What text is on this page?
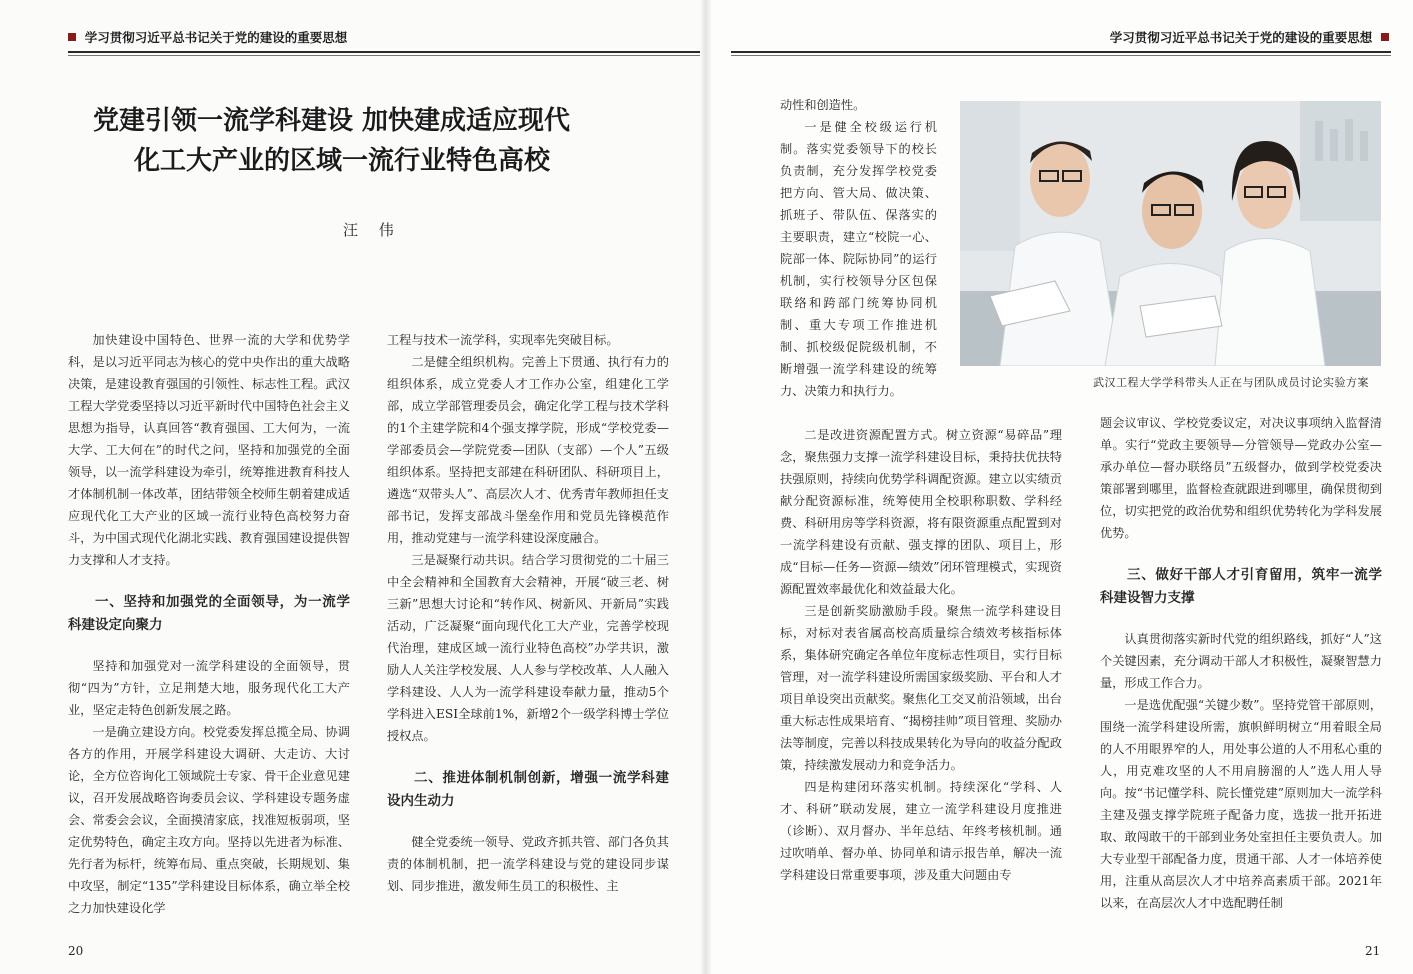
学习贯彻习近平总书记关于党的建设的重要思想
党建引领一流学科建设 加快建成适应现代
化工大产业的区域一流行业特色高校
汪 伟

加快建设中国特色、世界一流的大学和优势学科，是以习近平同志为核心的党中央作出的重大战略决策，是建设教育强国的引领性、标志性工程。武汉工程大学党委坚持以习近平新时代中国特色社会主义思想为指导，认真回答“教育强国、工大何为，一流大学、工大何在”的时代之问，坚持和加强党的全面领导，以一流学科建设为牵引，统筹推进教育科技人才体制机制一体改革，团结带领全校师生朝着建成适应现代化工大产业的区域一流行业特色高校努力奋斗，为中国式现代化湖北实践、教育强国建设提供智力支撑和人才支持。

一、坚持和加强党的全面领导，为一流学科建设定向聚力

坚持和加强党对一流学科建设的全面领导，贯彻“四为”方针，立足荆楚大地，服务现代化工大产业，坚定走特色创新发展之路。

一是确立建设方向。校党委发挥总揽全局、协调各方的作用，开展学科建设大调研、大走访、大讨论，全方位咨询化工领域院士专家、骨干企业意见建议，召开发展战略咨询委员会议、学科建设专题务虚会、常委会会议，全面摸清家底，找准短板弱项，坚定优势特色，确定主攻方向。坚持以先进者为标准、先行者为标杆，统筹布局、重点突破，长期规划、集中攻坚，制定“135”学科建设目标体系，确立举全校之力加快建设化学

工程与技术一流学科，实现率先突破目标。

二是健全组织机构。完善上下贯通、执行有力的组织体系，成立党委人才工作办公室，组建化工学部，成立学部管理委员会，确定化学工程与技术学科的1个主建学院和4个强支撑学院，形成“学校党委—学部委员会—学院党委—团队（支部）—个人”五级组织体系。坚持把支部建在科研团队、科研项目上，遴选“双带头人”、高层次人才、优秀青年教师担任支部书记，发挥支部战斗堡垒作用和党员先锋模范作用，推动党建与一流学科建设深度融合。

三是凝聚行动共识。结合学习贯彻党的二十届三中全会精神和全国教育大会精神，开展“破三老、树三新”思想大讨论和“转作风、树新风、开新局”实践活动，广泛凝聚“面向现代化工大产业，完善学校现代治理，建成区域一流行业特色高校”办学共识，激励人人关注学校发展、人人参与学校改革、人人融入学科建设、人人为一流学科建设奉献力量，推动5个学科进入ESI全球前1%，新增2个一级学科博士学位授权点。

二、推进体制机制创新，增强一流学科建设内生动力

健全党委统一领导、党政齐抓共管、部门各负其责的体制机制，把一流学科建设与党的建设同步谋划、同步推进，激发师生员工的积极性、主

20
学习贯彻习近平总书记关于党的建设的重要思想
21

动性和创造性。

一是健全校级运行机制。落实党委领导下的校长负责制，充分发挥学校党委把方向、管大局、做决策、抓班子、带队伍、保落实的主要职责，建立“校院一心、院部一体、院际协同”的运行机制，实行校领导分区包保联络和跨部门统筹协同机制、重大专项工作推进机制、抓校级促院级机制，不断增强一流学科建设的统筹力、决策力和执行力。

武汉工程大学学科带头人正在与团队成员讨论实验方案

二是改进资源配置方式。树立资源“易碎品”理念，聚焦强力支撑一流学科建设目标，秉持扶优扶特扶强原则，持续向优势学科调配资源。建立以实绩贡献分配资源标准，统筹使用全校职称职数、学科经费、科研用房等学科资源，将有限资源重点配置到对一流学科建设有贡献、强支撑的团队、项目上，形成“目标—任务—资源—绩效”闭环管理模式，实现资源配置效率最优化和效益最大化。

三是创新奖励激励手段。聚焦一流学科建设目标，对标对表省属高校高质量综合绩效考核指标体系，集体研究确定各单位年度标志性项目，实行目标管理，对一流学科建设所需国家级奖励、平台和人才项目单设突出贡献奖。聚焦化工交叉前沿领域，出台重大标志性成果培育、“揭榜挂帅”项目管理、奖励办法等制度，完善以科技成果转化为导向的收益分配政策，持续激发展动力和竞争活力。

四是构建闭环落实机制。持续深化“学科、人才、科研”联动发展，建立一流学科建设月度推进（诊断）、双月督办、半年总结、年终考核机制。通过吹哨单、督办单、协同单和请示报告单，解决一流学科建设日常重要事项，涉及重大问题由专

题会议审议、学校党委议定，对决议事项纳入监督清单。实行“党政主要领导—分管领导—党政办公室—承办单位—督办联络员”五级督办，做到学校党委决策部署到哪里，监督检查就跟进到哪里，确保贯彻到位，切实把党的政治优势和组织优势转化为学科发展优势。

三、做好干部人才引育留用，筑牢一流学科建设智力支撑

认真贯彻落实新时代党的组织路线，抓好“人”这个关键因素，充分调动干部人才积极性，凝聚智慧力量，形成工作合力。

一是选优配强“关键少数”。坚持党管干部原则，围绕一流学科建设所需，旗帜鲜明树立“用着眼全局的人不用眼界窄的人，用处事公道的人不用私心重的人，用克难攻坚的人不用肩膀溜的人”选人用人导向。按“书记懂学科、院长懂党建”原则加大一流学科主建及强支撑学院班子配备力度，选拔一批开拓进取、敢闯敢干的干部到业务处室担任主要负责人。加大专业型干部配备力度，贯通干部、人才一体培养使用，注重从高层次人才中培养高素质干部。2021年以来，在高层次人才中选配聘任制
